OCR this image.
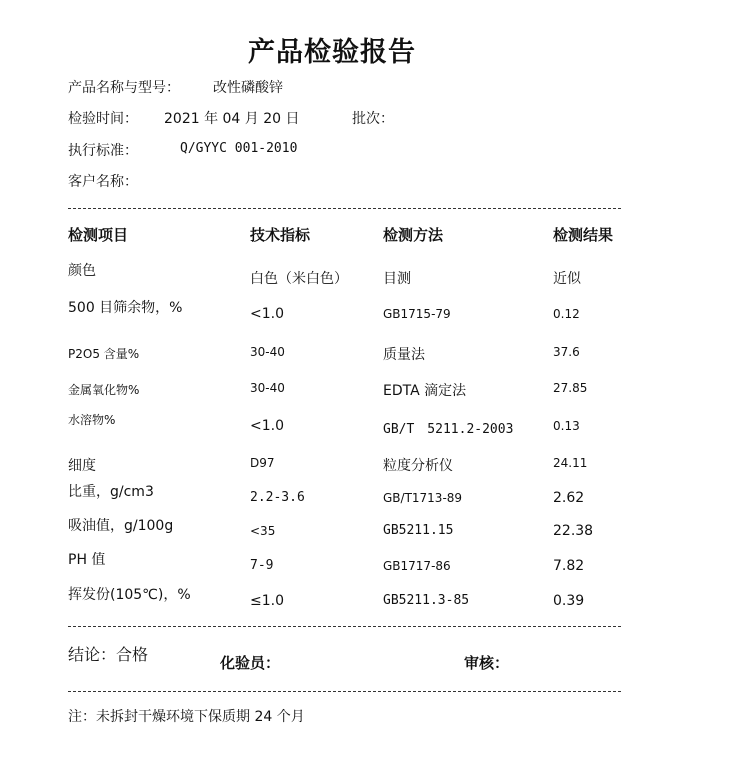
产品检验报告
产品名称与型号： 改性磷酸锌
检验时间： 2021 年 04 月 20 日	批次：
执行标准：	Q/GYYC 001-2010
客户名称：
检测项目	技术指标	检测方法	检测结果
颜色	白色（米白色）	目测	近似
500 目筛余物，%	<1.0	GB1715-79	0.12
P2O5 含量%	30-40	质量法	37.6
金属氧化物%	30-40	EDTA 滴定法	27.85
水溶物%	<1.0	GB/T　5211.2-2003	0.13
细度	D97	粒度分析仪	24.11
比重，g/cm3	2.2-3.6	GB/T1713-89	2.62
吸油值，g/100g	<35	GB5211.15	22.38
PH 值	7-9	GB1717-86	7.82
挥发份(105℃)，%	≤1.0	GB5211.3-85	0.39
结论：合格	化验员：	审核：
注：未拆封干燥环境下保质期 24 个月
